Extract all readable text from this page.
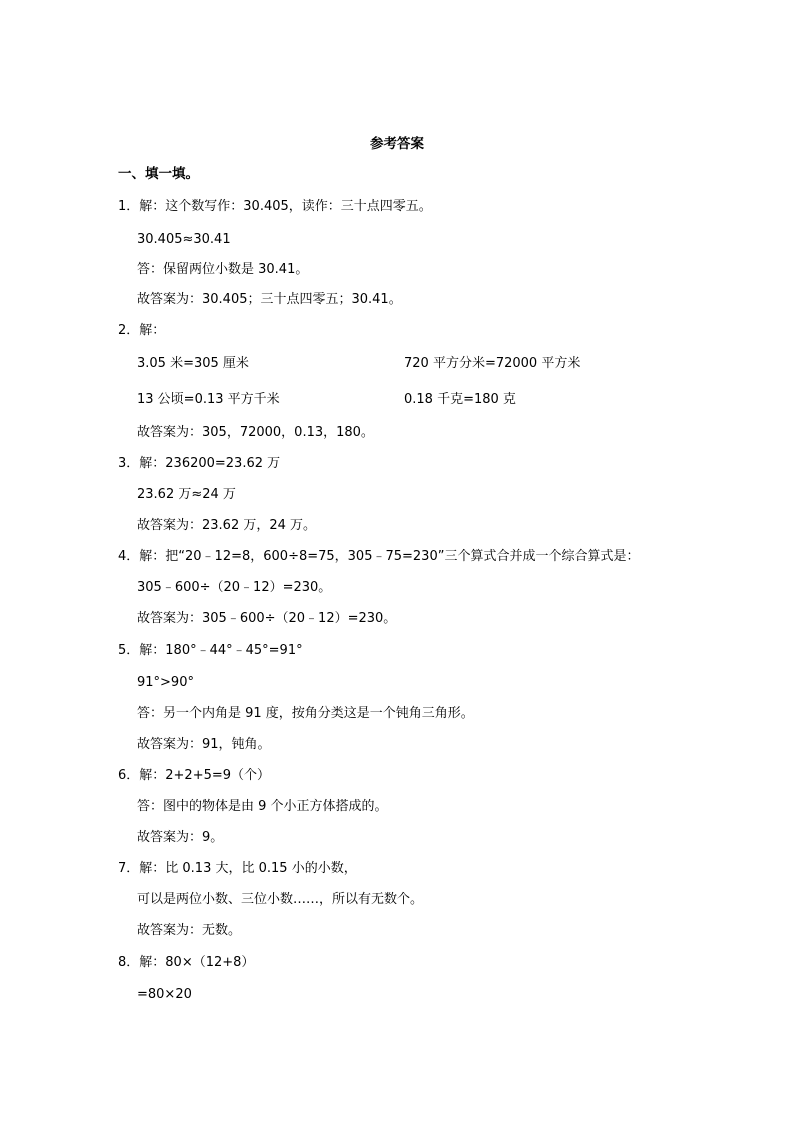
参考答案
一、填一填。
1．解：这个数写作：30.405，读作：三十点四零五。
30.405≈30.41
答：保留两位小数是 30.41。
故答案为：30.405；三十点四零五；30.41。
2．解：
3.05 米=305 厘米	720 平方分米=72000 平方米
13 公顷=0.13 平方千米	0.18 千克=180 克
故答案为：305，72000，0.13，180。
3．解：236200=23.62 万
23.62 万≈24 万
故答案为：23.62 万，24 万。
4．解：把“20﹣12=8，600÷8=75，305﹣75=230”三个算式合并成一个综合算式是：
305﹣600÷（20﹣12）=230。
故答案为：305﹣600÷（20﹣12）=230。
5．解：180°﹣44°﹣45°=91°
91°>90°
答：另一个内角是 91 度，按角分类这是一个钝角三角形。
故答案为：91，钝角。
6．解：2+2+5=9（个）
答：图中的物体是由 9 个小正方体搭成的。
故答案为：9。
7．解：比 0.13 大，比 0.15 小的小数，
可以是两位小数、三位小数……，所以有无数个。
故答案为：无数。
8．解：80×（12+8）
=80×20
